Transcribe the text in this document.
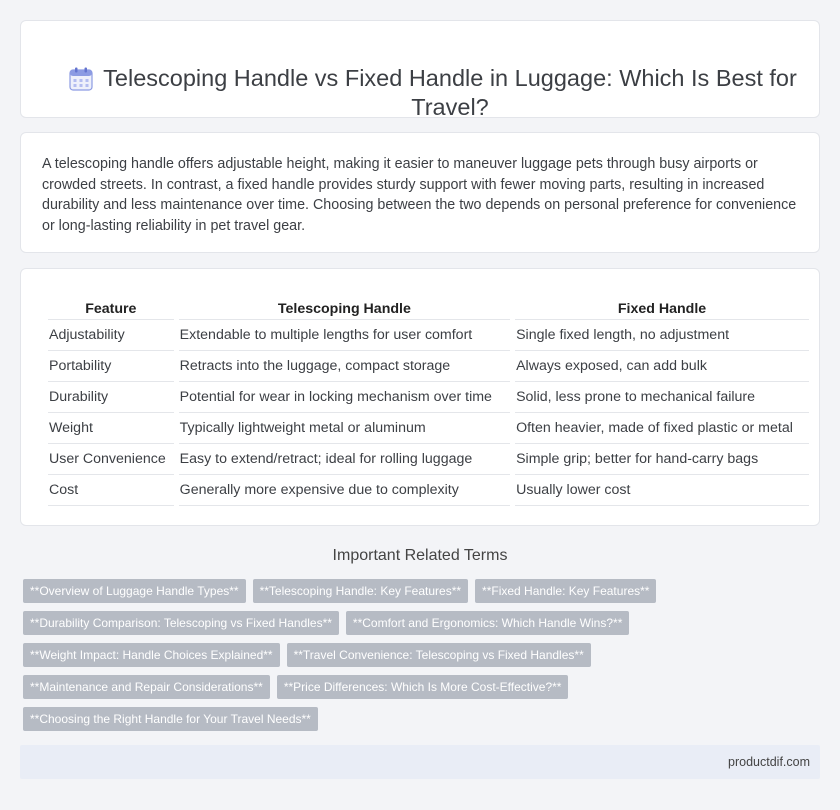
Telescoping Handle vs Fixed Handle in Luggage: Which Is Best for Travel?

A telescoping handle offers adjustable height, making it easier to maneuver luggage pets through busy airports or crowded streets. In contrast, a fixed handle provides sturdy support with fewer moving parts, resulting in increased durability and less maintenance over time. Choosing between the two depends on personal preference for convenience or long-lasting reliability in pet travel gear.

Feature	Telescoping Handle	Fixed Handle
Adjustability	Extendable to multiple lengths for user comfort	Single fixed length, no adjustment
Portability	Retracts into the luggage, compact storage	Always exposed, can add bulk
Durability	Potential for wear in locking mechanism over time	Solid, less prone to mechanical failure
Weight	Typically lightweight metal or aluminum	Often heavier, made of fixed plastic or metal
User Convenience	Easy to extend/retract; ideal for rolling luggage	Simple grip; better for hand-carry bags
Cost	Generally more expensive due to complexity	Usually lower cost
Important Related Terms
**Overview of Luggage Handle Types**	**Telescoping Handle: Key Features**	**Fixed Handle: Key Features**
**Durability Comparison: Telescoping vs Fixed Handles**	**Comfort and Ergonomics: Which Handle Wins?**
**Weight Impact: Handle Choices Explained**	**Travel Convenience: Telescoping vs Fixed Handles**
**Maintenance and Repair Considerations**	**Price Differences: Which Is More Cost-Effective?**
**Choosing the Right Handle for Your Travel Needs**
productdif.com
